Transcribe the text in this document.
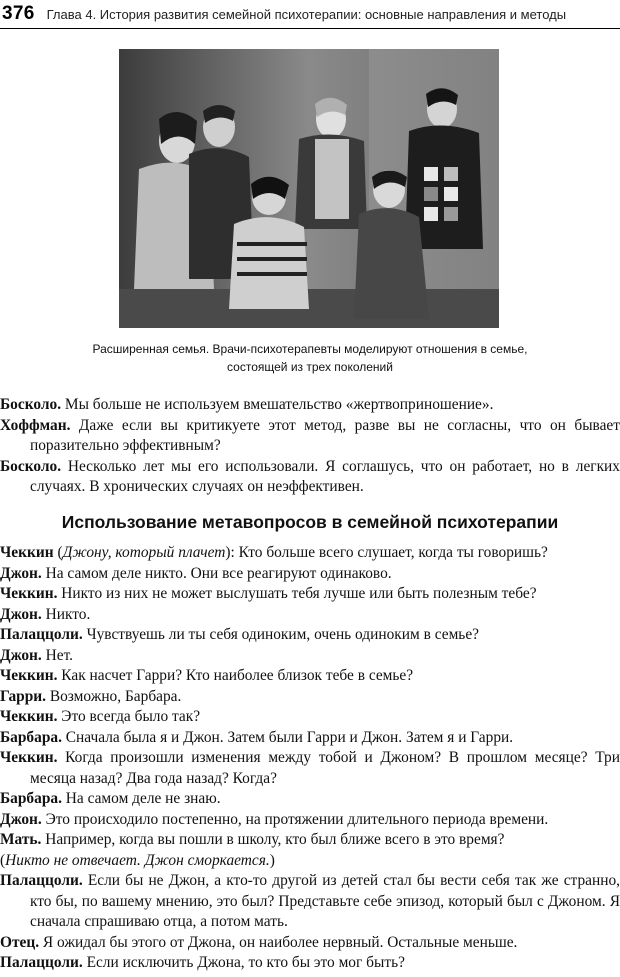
376 Глава 4. История развития семейной психотерапии: основные направления и методы
Расширенная семья. Врачи-психотерапевты моделируют отношения в семье,
состоящей из трех поколений

Босколо. Мы больше не используем вмешательство «жертвоприношение».

Хоффман. Даже если вы критикуете этот метод, разве вы не согласны, что он бывает поразительно эффективным?

Босколо. Несколько лет мы его использовали. Я соглашусь, что он работает, но в легких случаях. В хронических случаях он неэффективен.

Использование метавопросов в семейной психотерапии

Чеккин (Джону, который плачет): Кто больше всего слушает, когда ты говоришь?

Джон. На самом деле никто. Они все реагируют одинаково.

Чеккин. Никто из них не может выслушать тебя лучше или быть полезным тебе?

Джон. Никто.

Палаццоли. Чувствуешь ли ты себя одиноким, очень одиноким в семье?

Джон. Нет.

Чеккин. Как насчет Гарри? Кто наиболее близок тебе в семье?

Гарри. Возможно, Барбара.

Чеккин. Это всегда было так?

Барбара. Сначала была я и Джон. Затем были Гарри и Джон. Затем я и Гарри.

Чеккин. Когда произошли изменения между тобой и Джоном? В прошлом месяце? Три месяца назад? Два года назад? Когда?

Барбара. На самом деле не знаю.

Джон. Это происходило постепенно, на протяжении длительного периода времени.

Мать. Например, когда вы пошли в школу, кто был ближе всего в это время?

(Никто не отвечает. Джон сморкается.)

Палаццоли. Если бы не Джон, а кто-то другой из детей стал бы вести себя так же странно, кто бы, по вашему мнению, это был? Представьте себе эпизод, который был с Джоном. Я сначала спрашиваю отца, а потом мать.

Отец. Я ожидал бы этого от Джона, он наиболее нервный. Остальные меньше.

Палаццоли. Если исключить Джона, то кто бы это мог быть?
